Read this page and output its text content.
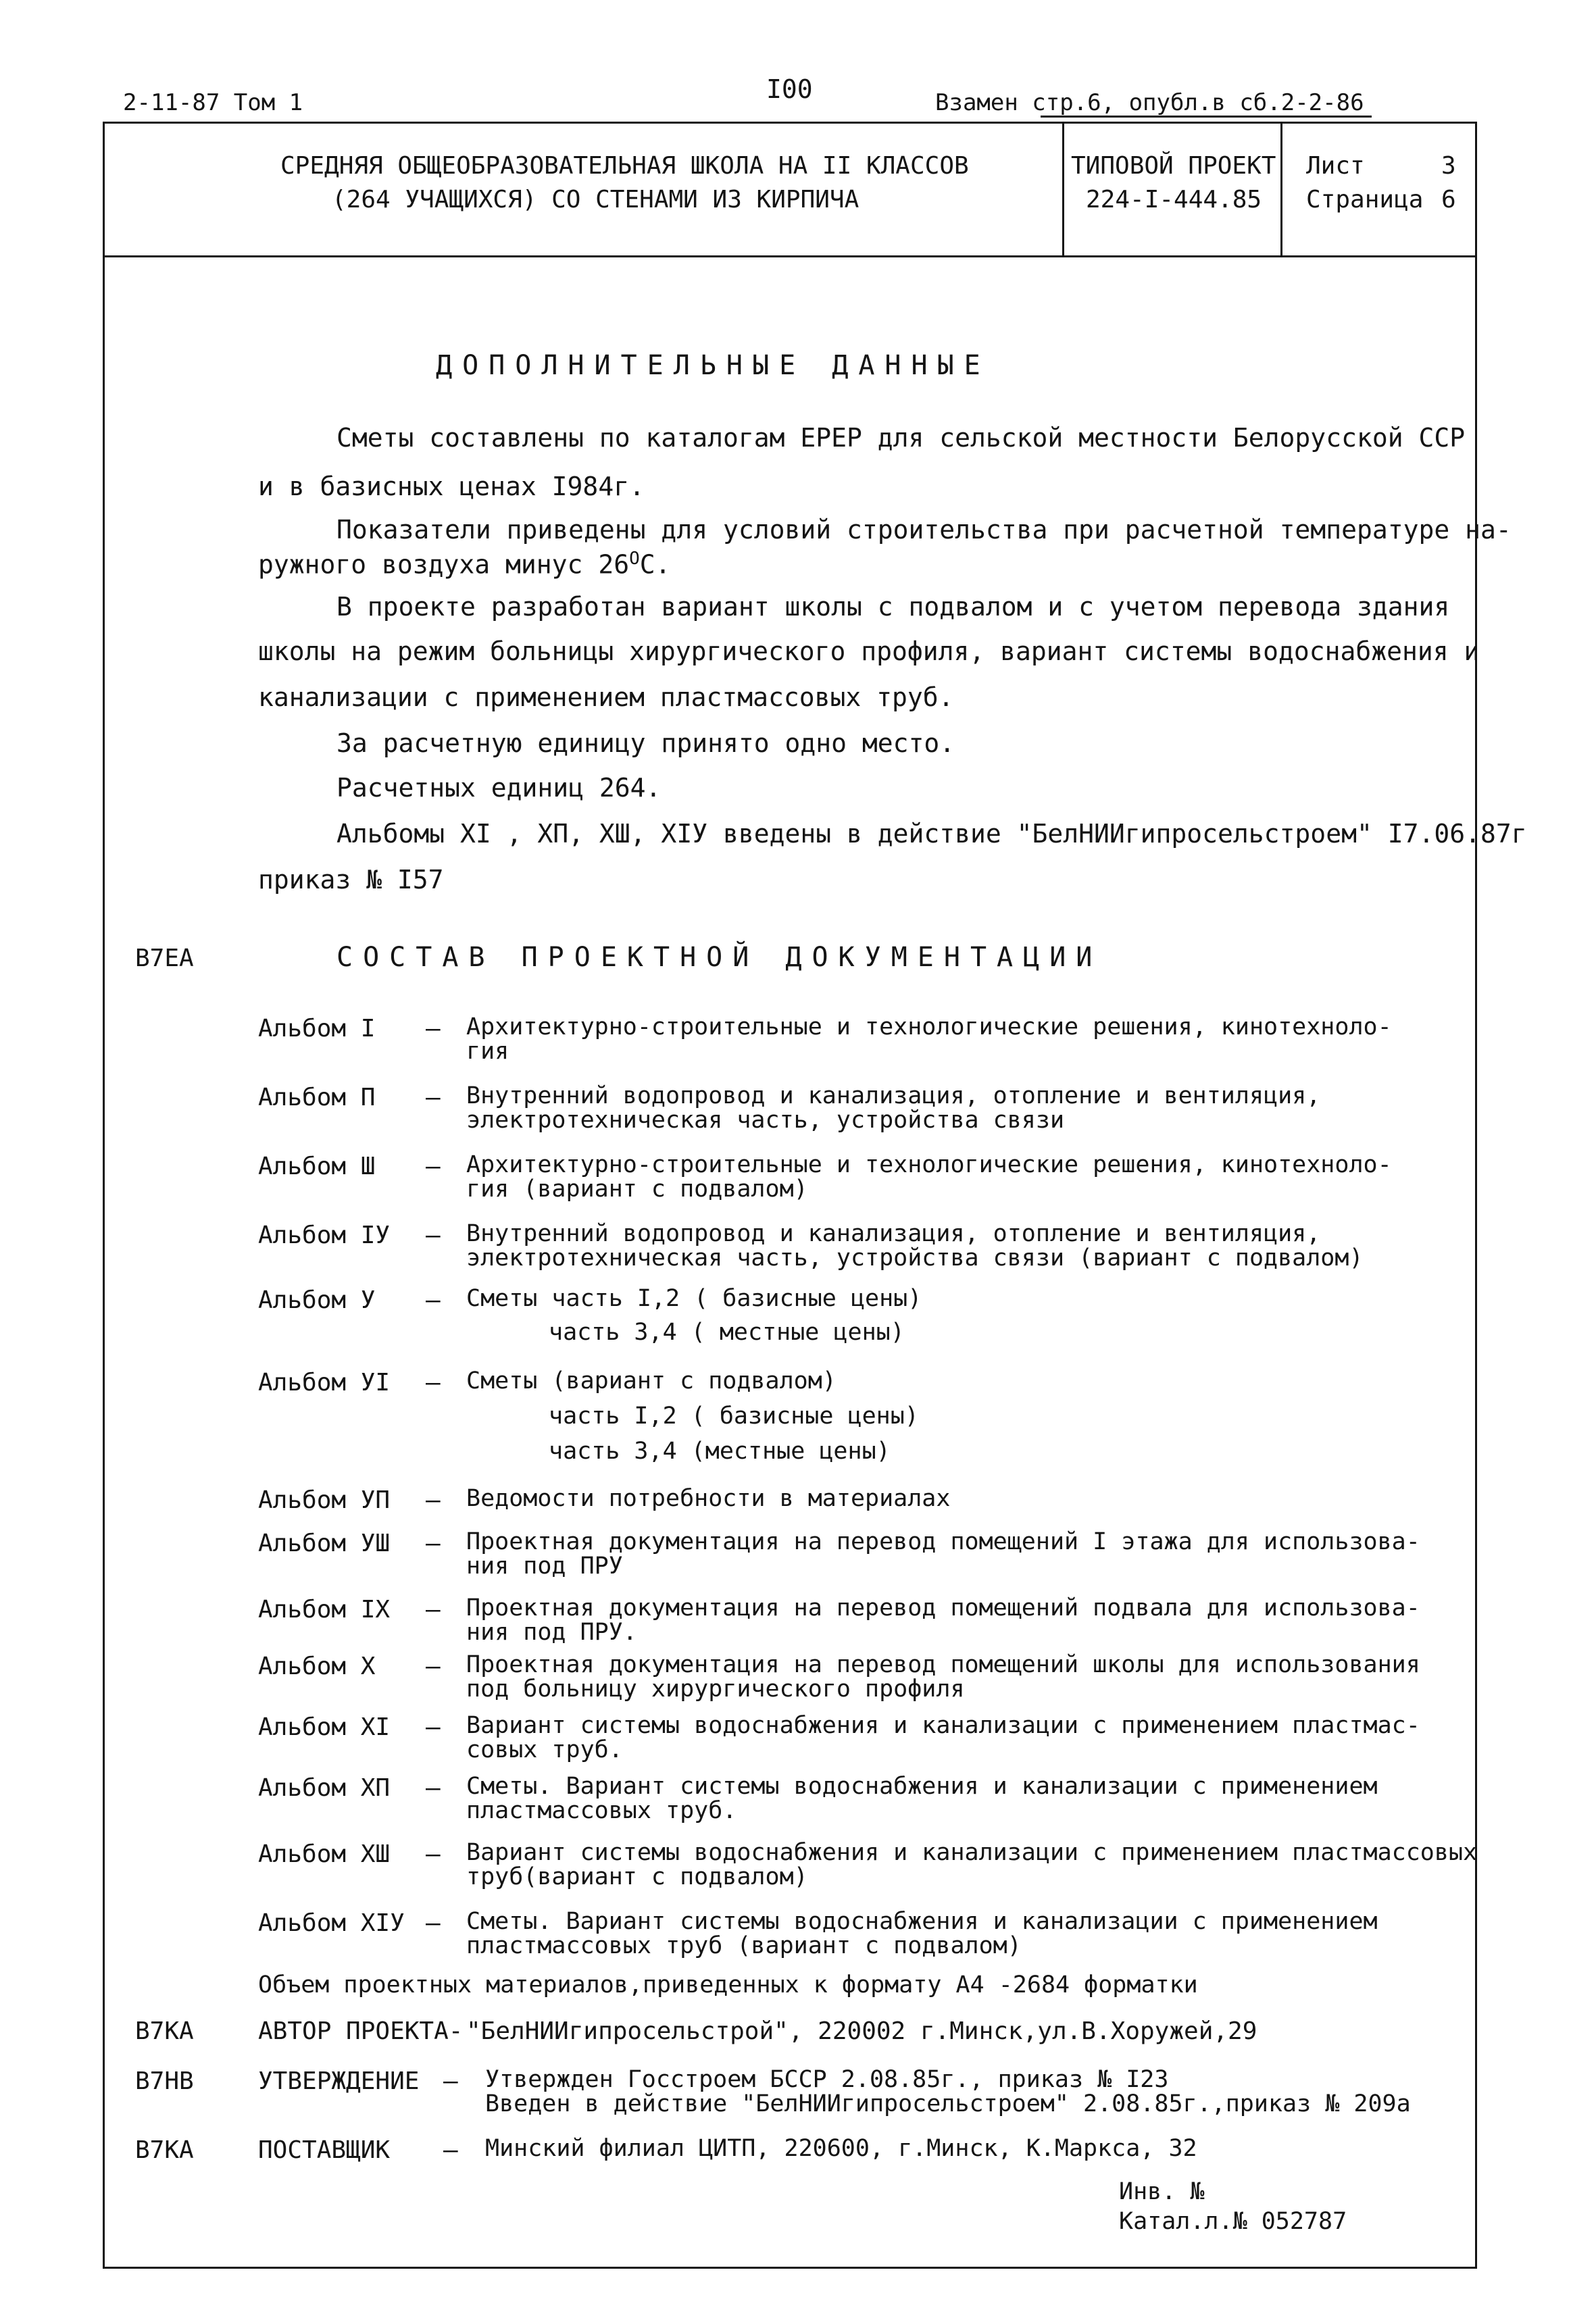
2-11-87 Том 1	I00	Взамен стр.6, опубл.в сб.2-2-86
СРЕДНЯЯ ОБЩЕОБРАЗОВАТЕЛЬНАЯ ШКОЛА НА II КЛАССОВ
(264 УЧАЩИХСЯ) СО СТЕНАМИ ИЗ КИРПИЧА
ТИПОВОЙ ПРОЕКТ
224-I-444.85
Лист	3
Страница 6
ДОПОЛНИТЕЛЬНЫЕ ДАННЫЕ
Сметы составлены по каталогам ЕРЕР для сельской местности Белорусской ССР
и в базисных ценах I984г.
Показатели приведены для условий строительства при расчетной температуре на-
ружного воздуха минус $26^OС$.
В проекте разработан вариант школы с подвалом и с учетом перевода здания
школы на режим больницы хирургического профиля, вариант системы водоснабжения и
канализации с применением пластмассовых труб.
За расчетную единицу принято одно место.
Расчетных единиц 264.
Альбомы XI , XП, XШ, XIУ введены в действие "БелНИИгипросельстроем" I7.06.87г
приказ № I57
В7ЕА	СОСТАВ ПРОЕКТНОЙ ДОКУМЕНТАЦИИ
Альбом I – Архитектурно-строительные и технологические решения, кинотехноло-
гия
Альбом П – Внутренний водопровод и канализация, отопление и вентиляция,
электротехническая часть, устройства связи
Альбом Ш – Архитектурно-строительные и технологические решения, кинотехноло-
гия (вариант с подвалом)
Альбом IУ – Внутренний водопровод и канализация, отопление и вентиляция,
электротехническая часть, устройства связи (вариант с подвалом)
Альбом У – Сметы часть I,2 ( базисные цены)
часть 3,4 ( местные цены)
Альбом УI – Сметы (вариант с подвалом)
часть I,2 ( базисные цены)
часть 3,4 (местные цены)
Альбом УП – Ведомости потребности в материалах
Альбом УШ – Проектная документация на перевод помещений I этажа для использова-
ния под ПРУ
Альбом IX – Проектная документация на перевод помещений подвала для использова-
ния под ПРУ.
Альбом X – Проектная документация на перевод помещений школы для использования
под больницу хирургического профиля
Альбом XI – Вариант системы водоснабжения и канализации с применением пластмас-
совых труб.
Альбом XП – Сметы. Вариант системы водоснабжения и канализации с применением
пластмассовых труб.
Альбом XШ – Вариант системы водоснабжения и канализации с применением пластмассовых
труб(вариант с подвалом)
Альбом XIУ – Сметы. Вариант системы водоснабжения и канализации с применением
пластмассовых труб (вариант с подвалом)
Объем проектных материалов,приведенных к формату А4 -2684 форматки
В7КА	АВТОР ПРОЕКТА- "БелНИИгипросельстрой", 220002 г.Минск,ул.В.Хоружей,29
В7НВ	УТВЕРЖДЕНИЕ – Утвержден Госстроем БССР 2.08.85г., приказ № I23
Введен в действие "БелНИИгипросельстроем" 2.08.85г.,приказ № 209а
В7КА	ПОСТАВЩИК – Минский филиал ЦИТП, 220600, г.Минск, К.Маркса, 32
Инв. №
Катал.л.№ 052787
